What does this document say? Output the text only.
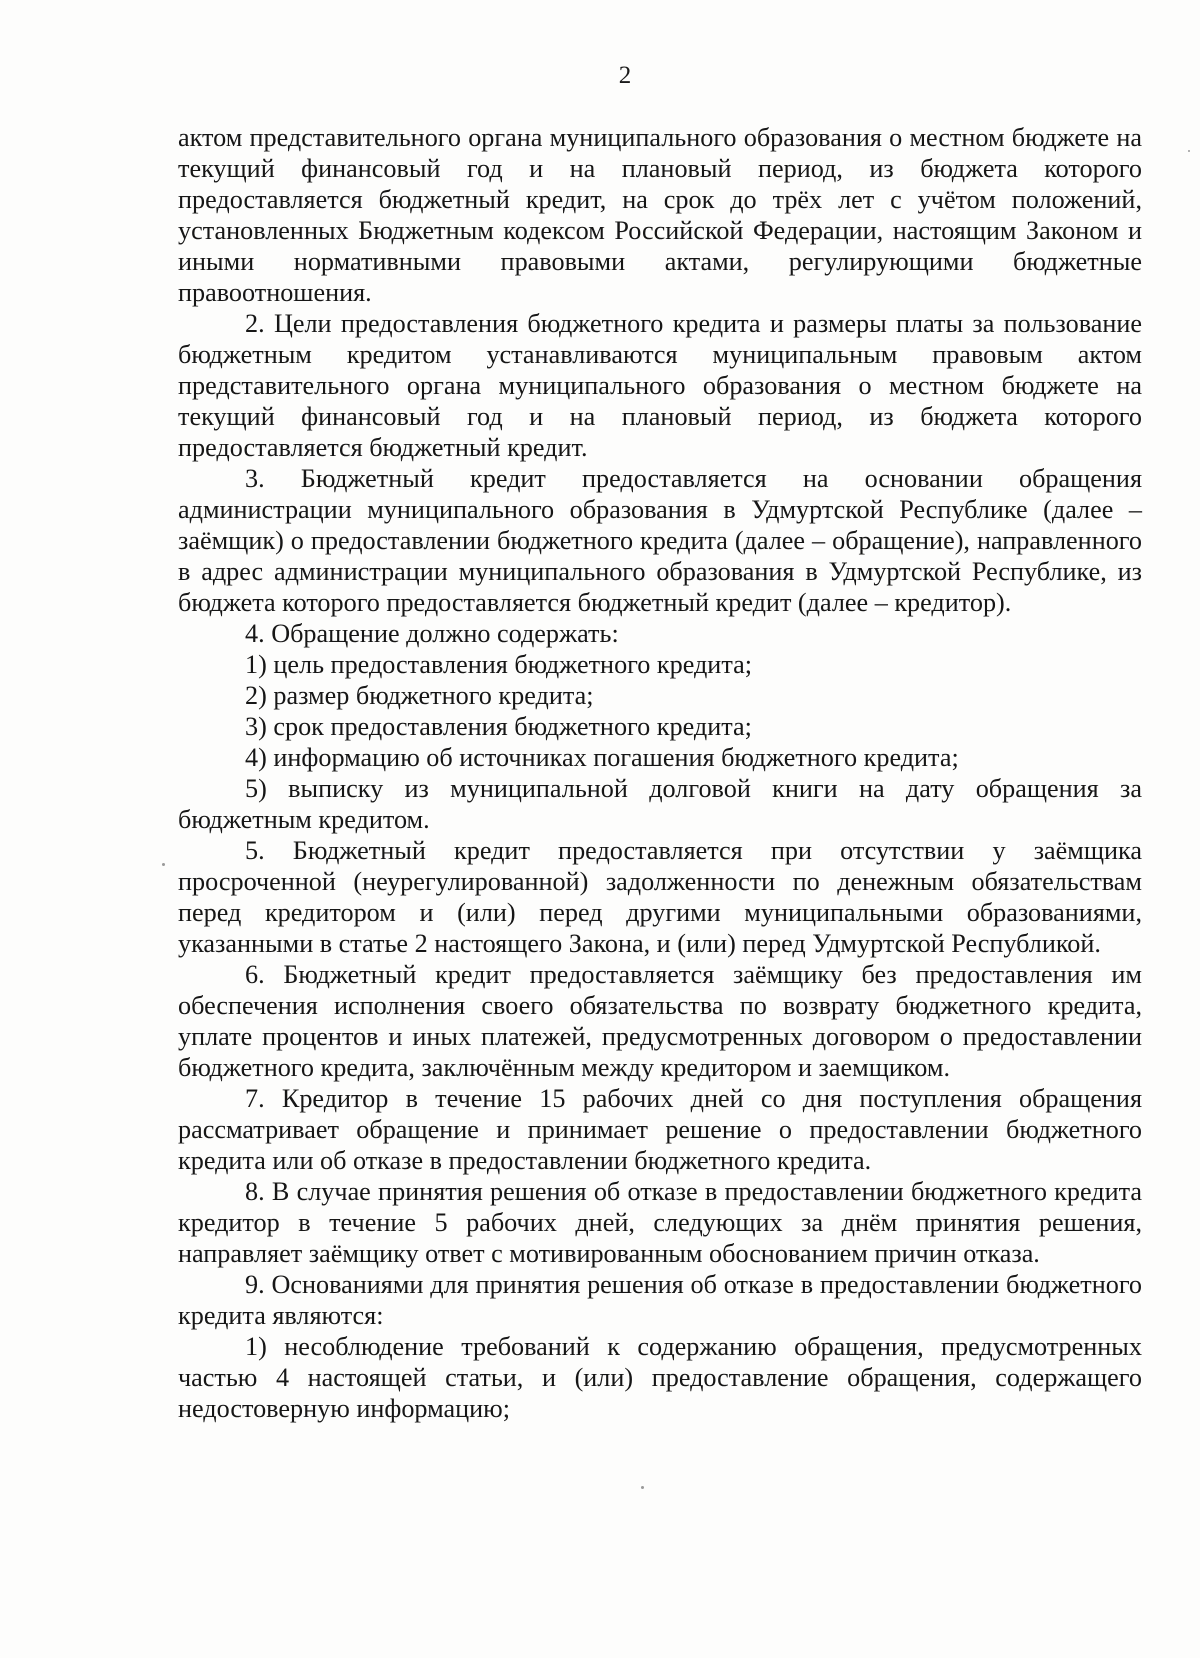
2

актом представительного органа муниципального образования о местном бюджете на текущий финансовый год и на плановый период, из бюджета которого предоставляется бюджетный кредит, на срок до трёх лет с учётом положений, установленных Бюджетным кодексом Российской Федерации, настоящим Законом и иными нормативными правовыми актами, регулирующими бюджетные правоотношения.

2. Цели предоставления бюджетного кредита и размеры платы за пользование бюджетным кредитом устанавливаются муниципальным правовым актом представительного органа муниципального образования о местном бюджете на текущий финансовый год и на плановый период, из бюджета которого предоставляется бюджетный кредит.

3. Бюджетный кредит предоставляется на основании обращения администрации муниципального образования в Удмуртской Республике (далее – заёмщик) о предоставлении бюджетного кредита (далее – обращение), направленного в адрес администрации муниципального образования в Удмуртской Республике, из бюджета которого предоставляется бюджетный кредит (далее – кредитор).

4. Обращение должно содержать:

1) цель предоставления бюджетного кредита;

2) размер бюджетного кредита;

3) срок предоставления бюджетного кредита;

4) информацию об источниках погашения бюджетного кредита;

5) выписку из муниципальной долговой книги на дату обращения за бюджетным кредитом.

5. Бюджетный кредит предоставляется при отсутствии у заёмщика просроченной (неурегулированной) задолженности по денежным обязательствам перед кредитором и (или) перед другими муниципальными образованиями, указанными в статье 2 настоящего Закона, и (или) перед Удмуртской Республикой.

6. Бюджетный кредит предоставляется заёмщику без предоставления им обеспечения исполнения своего обязательства по возврату бюджетного кредита, уплате процентов и иных платежей, предусмотренных договором о предоставлении бюджетного кредита, заключённым между кредитором и заемщиком.

7. Кредитор в течение 15 рабочих дней со дня поступления обращения рассматривает обращение и принимает решение о предоставлении бюджетного кредита или об отказе в предоставлении бюджетного кредита.

8. В случае принятия решения об отказе в предоставлении бюджетного кредита кредитор в течение 5 рабочих дней, следующих за днём принятия решения, направляет заёмщику ответ с мотивированным обоснованием причин отказа.

9. Основаниями для принятия решения об отказе в предоставлении бюджетного кредита являются:

1) несоблюдение требований к содержанию обращения, предусмотренных частью 4 настоящей статьи, и (или) предоставление обращения, содержащего недостоверную информацию;
